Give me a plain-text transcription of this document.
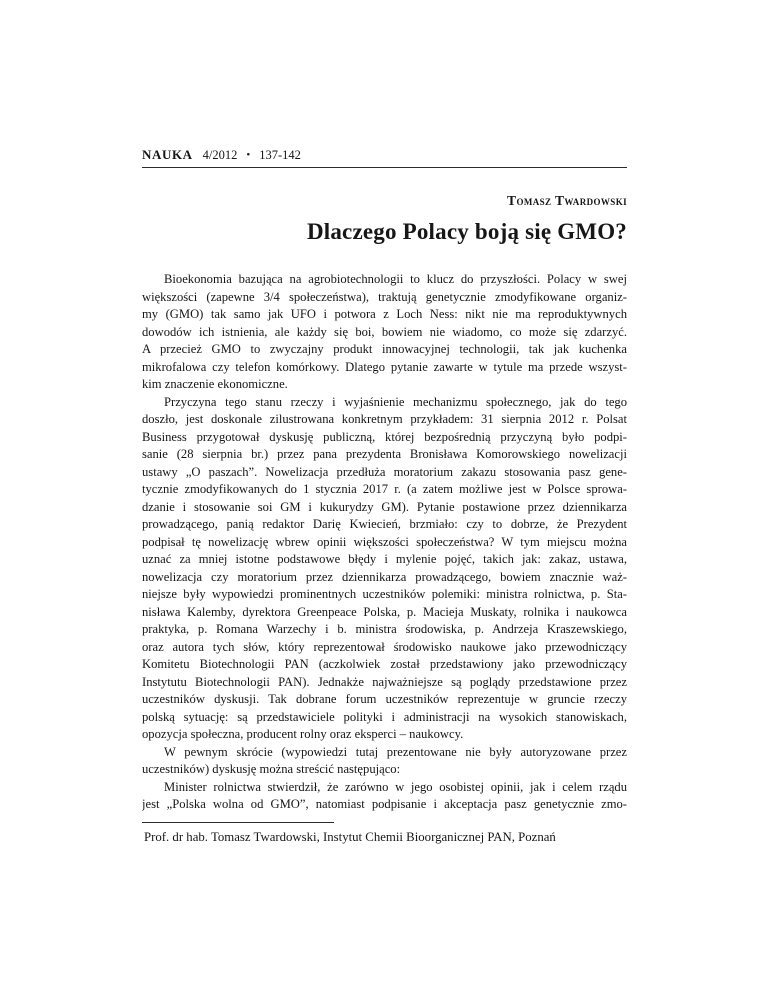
NAUKA 4/2012 • 137-142
Tomasz Twardowski
Dlaczego Polacy boją się GMO?
Bioekonomia bazująca na agrobiotechnologii to klucz do przyszłości. Polacy w swej
większości (zapewne 3/4 społeczeństwa), traktują genetycznie zmodyfikowane organiz-
my (GMO) tak samo jak UFO i potwora z Loch Ness: nikt nie ma reproduktywnych
dowodów ich istnienia, ale każdy się boi, bowiem nie wiadomo, co może się zdarzyć.
A przecież GMO to zwyczajny produkt innowacyjnej technologii, tak jak kuchenka
mikrofalowa czy telefon komórkowy. Dlatego pytanie zawarte w tytule ma przede wszyst-
kim znaczenie ekonomiczne.
Przyczyna tego stanu rzeczy i wyjaśnienie mechanizmu społecznego, jak do tego
doszło, jest doskonale zilustrowana konkretnym przykładem: 31 sierpnia 2012 r. Polsat
Business przygotował dyskusję publiczną, której bezpośrednią przyczyną było podpi-
sanie (28 sierpnia br.) przez pana prezydenta Bronisława Komorowskiego nowelizacji
ustawy „O paszach”. Nowelizacja przedłuża moratorium zakazu stosowania pasz gene-
tycznie zmodyfikowanych do 1 stycznia 2017 r. (a zatem możliwe jest w Polsce sprowa-
dzanie i stosowanie soi GM i kukurydzy GM). Pytanie postawione przez dziennikarza
prowadzącego, panią redaktor Darię Kwiecień, brzmiało: czy to dobrze, że Prezydent
podpisał tę nowelizację wbrew opinii większości społeczeństwa? W tym miejscu można
uznać za mniej istotne podstawowe błędy i mylenie pojęć, takich jak: zakaz, ustawa,
nowelizacja czy moratorium przez dziennikarza prowadzącego, bowiem znacznie waż-
niejsze były wypowiedzi prominentnych uczestników polemiki: ministra rolnictwa, p. Sta-
nisława Kalemby, dyrektora Greenpeace Polska, p. Macieja Muskaty, rolnika i naukowca
praktyka, p. Romana Warzechy i b. ministra środowiska, p. Andrzeja Kraszewskiego,
oraz autora tych słów, który reprezentował środowisko naukowe jako przewodniczący
Komitetu Biotechnologii PAN (aczkolwiek został przedstawiony jako przewodniczący
Instytutu Biotechnologii PAN). Jednakże najważniejsze są poglądy przedstawione przez
uczestników dyskusji. Tak dobrane forum uczestników reprezentuje w gruncie rzeczy
polską sytuację: są przedstawiciele polityki i administracji na wysokich stanowiskach,
opozycja społeczna, producent rolny oraz eksperci – naukowcy.
W pewnym skrócie (wypowiedzi tutaj prezentowane nie były autoryzowane przez
uczestników) dyskusję można streścić następująco:
Minister rolnictwa stwierdził, że zarówno w jego osobistej opinii, jak i celem rządu
jest „Polska wolna od GMO”, natomiast podpisanie i akceptacja pasz genetycznie zmo-
Prof. dr hab. Tomasz Twardowski, Instytut Chemii Bioorganicznej PAN, Poznań
